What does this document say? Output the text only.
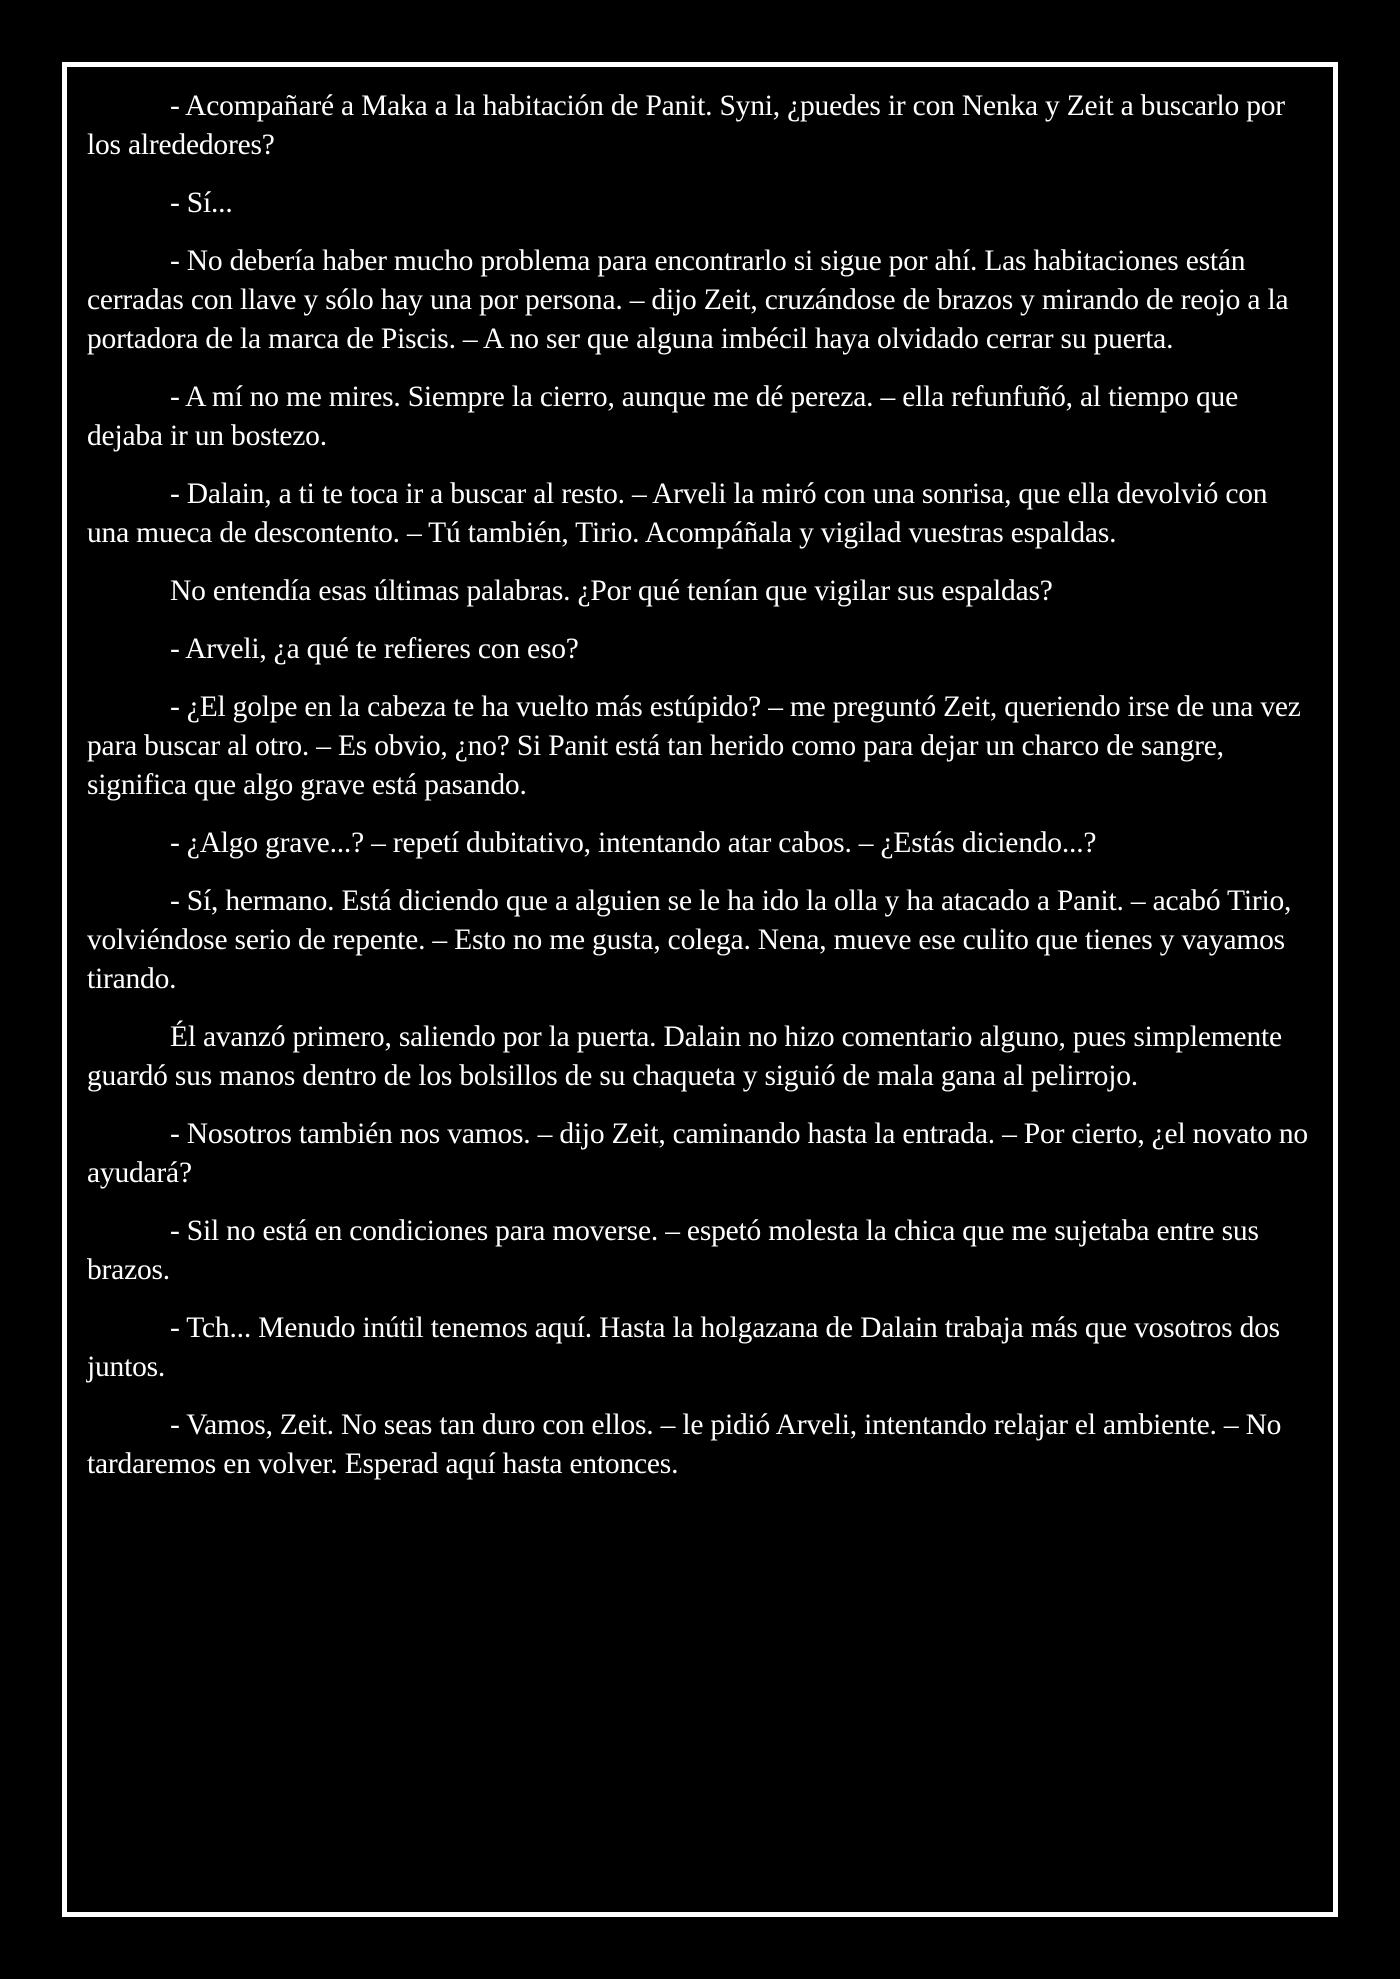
- Acompañaré a Maka a la habitación de Panit. Syni, ¿puedes ir con Nenka y Zeit a buscarlo por los alrededores?

- Sí...

- No debería haber mucho problema para encontrarlo si sigue por ahí. Las habitaciones están cerradas con llave y sólo hay una por persona. – dijo Zeit, cruzándose de brazos y mirando de reojo a la portadora de la marca de Piscis. – A no ser que alguna imbécil haya olvidado cerrar su puerta.

- A mí no me mires. Siempre la cierro, aunque me dé pereza. – ella refunfuñó, al tiempo que dejaba ir un bostezo.

- Dalain, a ti te toca ir a buscar al resto. – Arveli la miró con una sonrisa, que ella devolvió con una mueca de descontento. – Tú también, Tirio. Acompáñala y vigilad vuestras espaldas.

No entendía esas últimas palabras. ¿Por qué tenían que vigilar sus espaldas?

- Arveli, ¿a qué te refieres con eso?

- ¿El golpe en la cabeza te ha vuelto más estúpido? – me preguntó Zeit, queriendo irse de una vez para buscar al otro. – Es obvio, ¿no? Si Panit está tan herido como para dejar un charco de sangre, significa que algo grave está pasando.

- ¿Algo grave...? – repetí dubitativo, intentando atar cabos. – ¿Estás diciendo...?

- Sí, hermano. Está diciendo que a alguien se le ha ido la olla y ha atacado a Panit. – acabó Tirio, volviéndose serio de repente. – Esto no me gusta, colega. Nena, mueve ese culito que tienes y vayamos tirando.

Él avanzó primero, saliendo por la puerta. Dalain no hizo comentario alguno, pues simplemente guardó sus manos dentro de los bolsillos de su chaqueta y siguió de mala gana al pelirrojo.

- Nosotros también nos vamos. – dijo Zeit, caminando hasta la entrada. – Por cierto, ¿el novato no ayudará?

- Sil no está en condiciones para moverse. – espetó molesta la chica que me sujetaba entre sus brazos.

- Tch... Menudo inútil tenemos aquí. Hasta la holgazana de Dalain trabaja más que vosotros dos juntos.

- Vamos, Zeit. No seas tan duro con ellos. – le pidió Arveli, intentando relajar el ambiente. – No tardaremos en volver. Esperad aquí hasta entonces.
